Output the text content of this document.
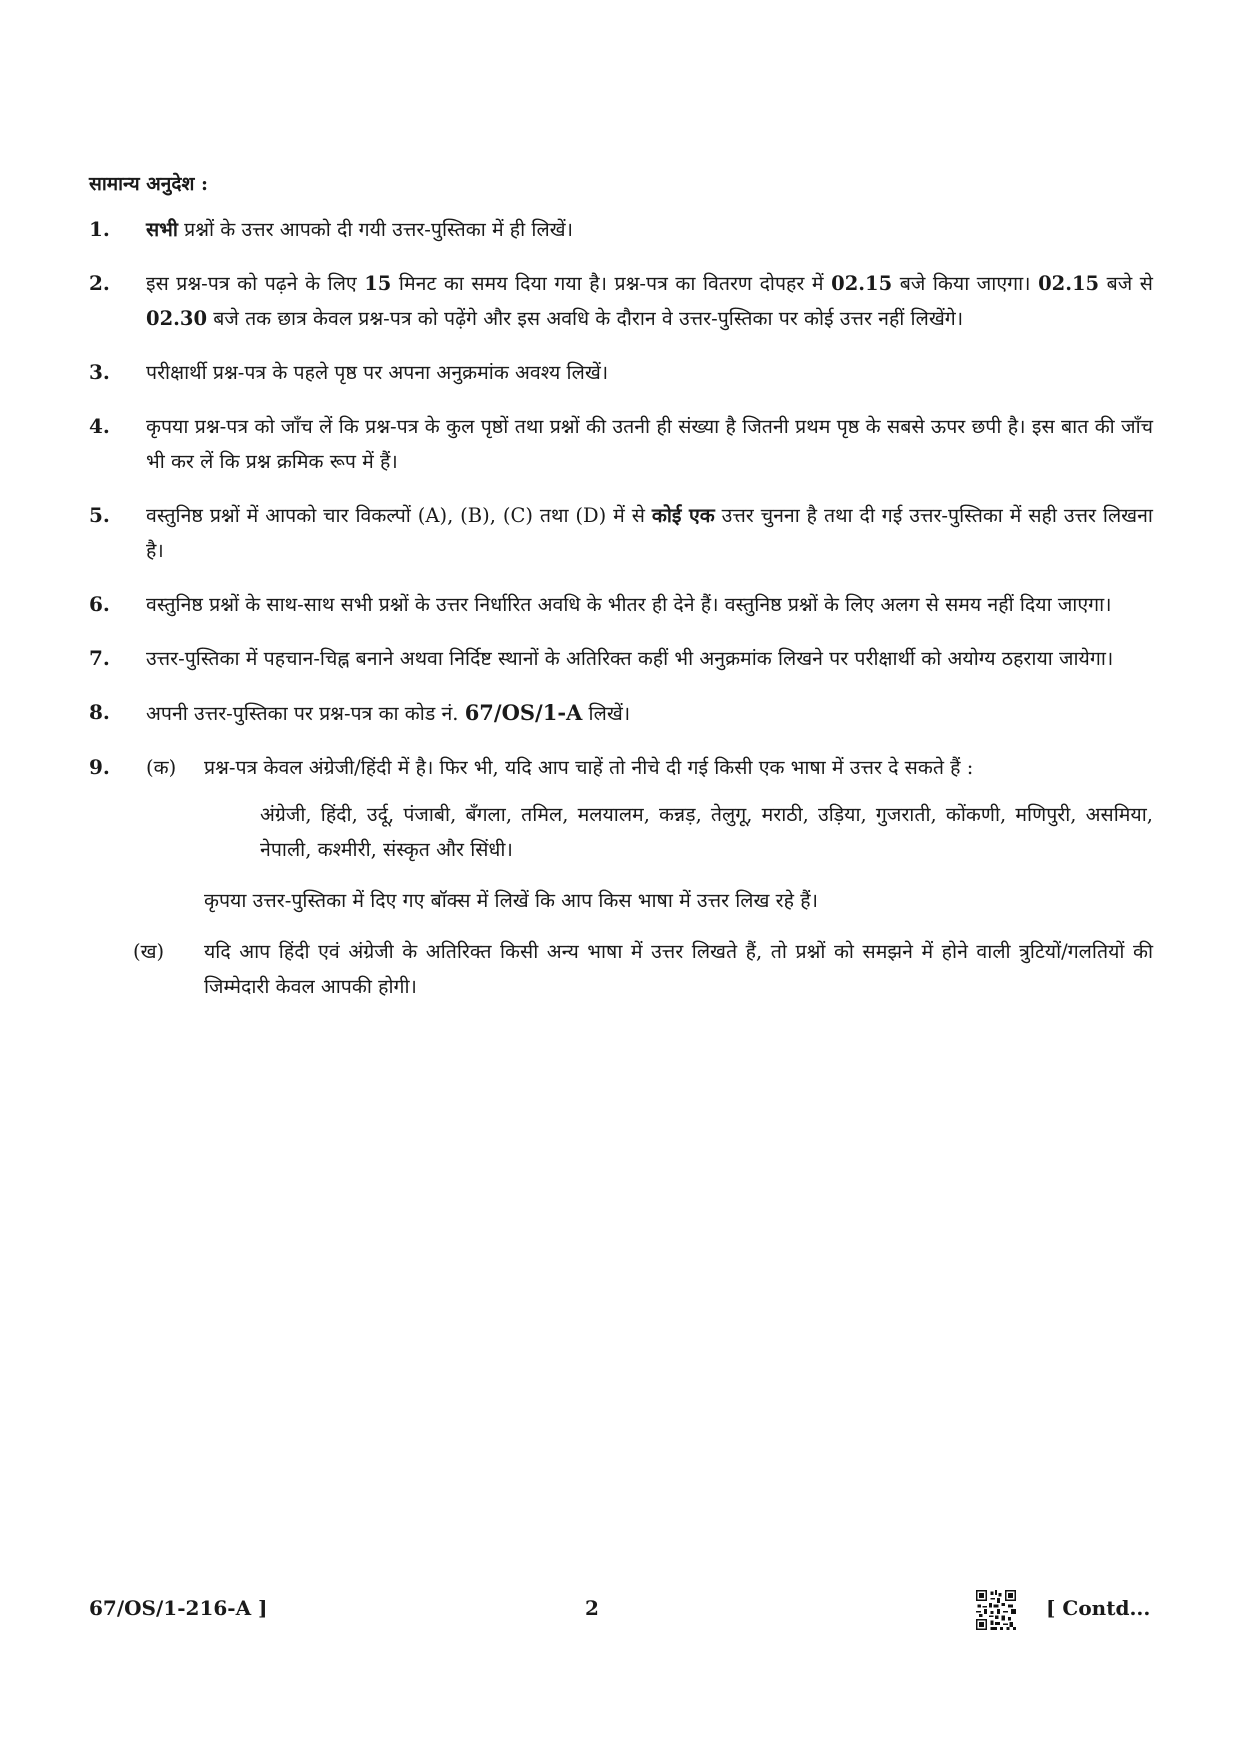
सामान्य अनुदेश :
1.	सभी प्रश्नों के उत्तर आपको दी गयी उत्तर-पुस्तिका में ही लिखें।
2.	इस प्रश्न-पत्र को पढ़ने के लिए 15 मिनट का समय दिया गया है। प्रश्न-पत्र का वितरण दोपहर में 02.15 बजे किया जाएगा। 02.15 बजे से 02.30 बजे तक छात्र केवल प्रश्न-पत्र को पढ़ेंगे और इस अवधि के दौरान वे उत्तर-पुस्तिका पर कोई उत्तर नहीं लिखेंगे।
3.	परीक्षार्थी प्रश्न-पत्र के पहले पृष्ठ पर अपना अनुक्रमांक अवश्य लिखें।
4.	कृपया प्रश्न-पत्र को जाँच लें कि प्रश्न-पत्र के कुल पृष्ठों तथा प्रश्नों की उतनी ही संख्या है जितनी प्रथम पृष्ठ के सबसे ऊपर छपी है। इस बात की जाँच भी कर लें कि प्रश्न क्रमिक रूप में हैं।
5.	वस्तुनिष्ठ प्रश्नों में आपको चार विकल्पों (A), (B), (C) तथा (D) में से कोई एक उत्तर चुनना है तथा दी गई उत्तर-पुस्तिका में सही उत्तर लिखना है।
6.	वस्तुनिष्ठ प्रश्नों के साथ-साथ सभी प्रश्नों के उत्तर निर्धारित अवधि के भीतर ही देने हैं। वस्तुनिष्ठ प्रश्नों के लिए अलग से समय नहीं दिया जाएगा।
7.	उत्तर-पुस्तिका में पहचान-चिह्न बनाने अथवा निर्दिष्ट स्थानों के अतिरिक्त कहीं भी अनुक्रमांक लिखने पर परीक्षार्थी को अयोग्य ठहराया जायेगा।
8.	अपनी उत्तर-पुस्तिका पर प्रश्न-पत्र का कोड नं. 67/OS/1-A लिखें।
9.	(क)	प्रश्न-पत्र केवल अंग्रेजी/हिंदी में है। फिर भी, यदि आप चाहें तो नीचे दी गई किसी एक भाषा में उत्तर दे सकते हैं :
अंग्रेजी, हिंदी, उर्दू, पंजाबी, बँगला, तमिल, मलयालम, कन्नड़, तेलुगू, मराठी, उड़िया, गुजराती, कोंकणी, मणिपुरी, असमिया, नेपाली, कश्मीरी, संस्कृत और सिंधी।
कृपया उत्तर-पुस्तिका में दिए गए बॉक्स में लिखें कि आप किस भाषा में उत्तर लिख रहे हैं।
(ख)	यदि आप हिंदी एवं अंग्रेजी के अतिरिक्त किसी अन्य भाषा में उत्तर लिखते हैं, तो प्रश्नों को समझने में होने वाली त्रुटियों/गलतियों की जिम्मेदारी केवल आपकी होगी।
67/OS/1-216-A ]	2	[ Contd...
